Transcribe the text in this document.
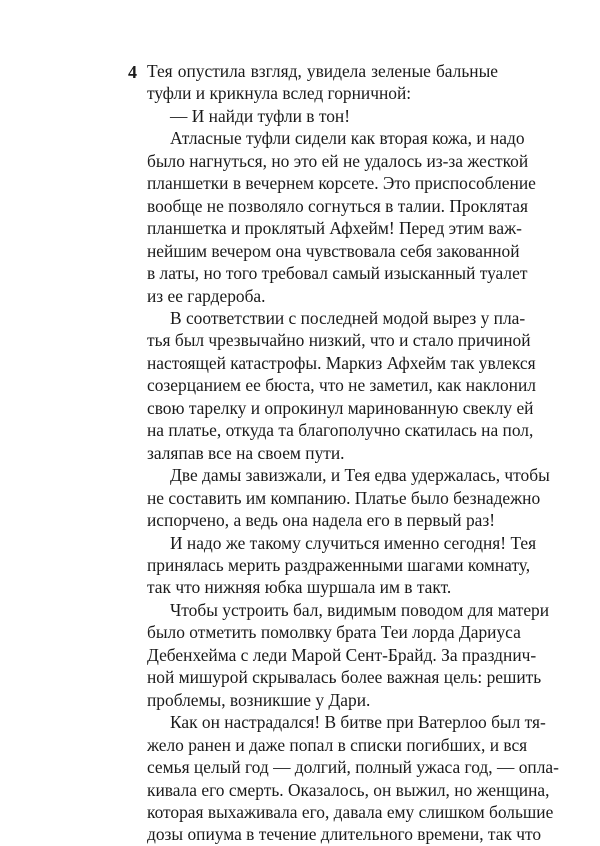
4 Тея опустила взгляд, увидела зеленые бальные
туфли и крикнула вслед горничной:

— И найди туфли в тон!

Атласные туфли сидели как вторая кожа, и надо
было нагнуться, но это ей не удалось из-за жесткой
планшетки в вечернем корсете. Это приспособление
вообще не позволяло согнуться в талии. Проклятая
планшетка и проклятый Афхейм! Перед этим важ-
нейшим вечером она чувствовала себя закованной
в латы, но того требовал самый изысканный туалет
из ее гардероба.

В соответствии с последней модой вырез у пла-
тья был чрезвычайно низкий, что и стало причиной
настоящей катастрофы. Маркиз Афхейм так увлекся
созерцанием ее бюста, что не заметил, как наклонил
свою тарелку и опрокинул маринованную свеклу ей
на платье, откуда та благополучно скатилась на пол,
заляпав все на своем пути.

Две дамы завизжали, и Тея едва удержалась, чтобы
не составить им компанию. Платье было безнадежно
испорчено, а ведь она надела его в первый раз!

И надо же такому случиться именно сегодня! Тея
принялась мерить раздраженными шагами комнату,
так что нижняя юбка шуршала им в такт.

Чтобы устроить бал, видимым поводом для матери
было отметить помолвку брата Теи лорда Дариуса
Дебенхейма с леди Марой Сент-Брайд. За празднич-
ной мишурой скрывалась более важная цель: решить
проблемы, возникшие у Дари.

Как он настрадался! В битве при Ватерлоо был тя-
жело ранен и даже попал в списки погибших, и вся
семья целый год — долгий, полный ужаса год, — опла-
кивала его смерть. Оказалось, он выжил, но женщина,
которая выхаживала его, давала ему слишком большие
дозы опиума в течение длительного времени, так что
